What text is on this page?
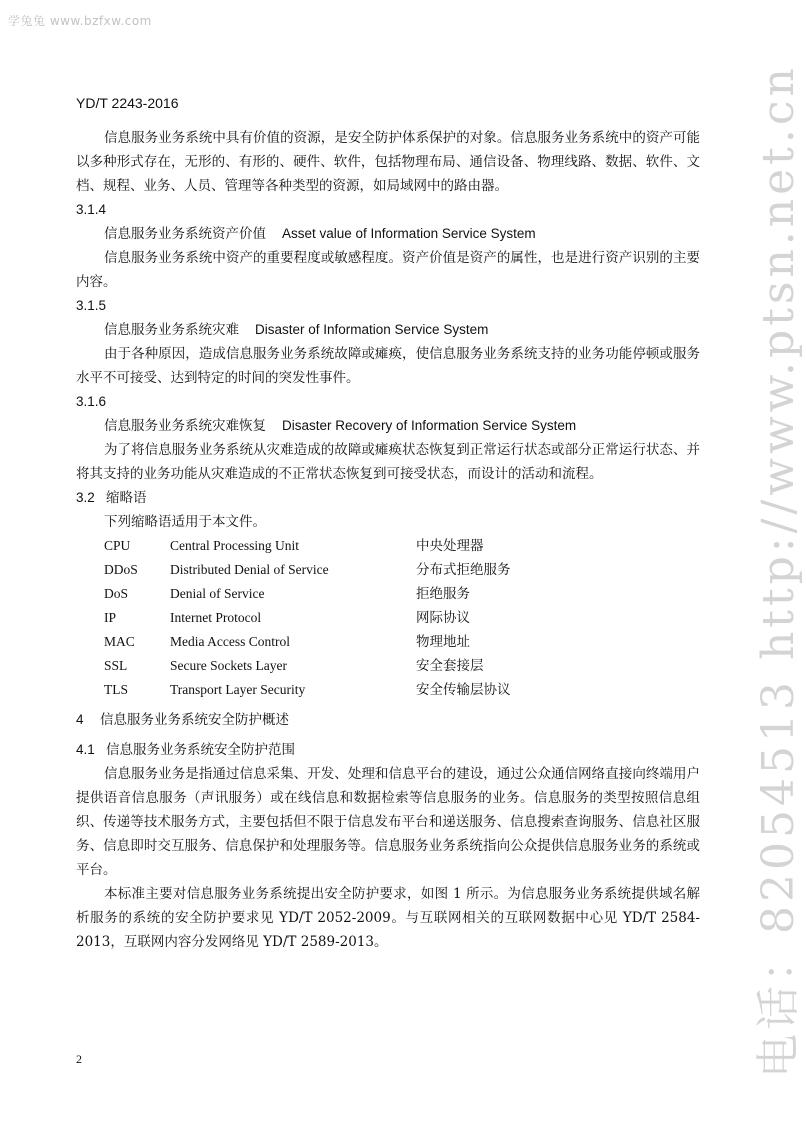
学兔兔 www.bzfxw.com
电话：82054513 http://www.ptsn.net.cn
YD/T 2243-2016

信息服务业务系统中具有价值的资源，是安全防护体系保护的对象。信息服务业务系统中的资产可能以多种形式存在，无形的、有形的、硬件、软件，包括物理布局、通信设备、物理线路、数据、软件、文档、规程、业务、人员、管理等各种类型的资源，如局域网中的路由器。

3.1.4

信息服务业务系统资产价值 Asset value of Information Service System

信息服务业务系统中资产的重要程度或敏感程度。资产价值是资产的属性，也是进行资产识别的主要内容。

3.1.5

信息服务业务系统灾难 Disaster of Information Service System

由于各种原因，造成信息服务业务系统故障或瘫痪，使信息服务业务系统支持的业务功能停顿或服务水平不可接受、达到特定的时间的突发性事件。

3.1.6

信息服务业务系统灾难恢复 Disaster Recovery of Information Service System

为了将信息服务业务系统从灾难造成的故障或瘫痪状态恢复到正常运行状态或部分正常运行状态、并将其支持的业务功能从灾难造成的不正常状态恢复到可接受状态，而设计的活动和流程。

3.2 缩略语

下列缩略语适用于本文件。

CPU	Central Processing Unit	中央处理器
DDoS	Distributed Denial of Service	分布式拒绝服务
DoS	Denial of Service	拒绝服务
IP	Internet Protocol	网际协议
MAC	Media Access Control	物理地址
SSL	Secure Sockets Layer	安全套接层
TLS	Transport Layer Security	安全传输层协议

4 信息服务业务系统安全防护概述

4.1 信息服务业务系统安全防护范围

信息服务业务是指通过信息采集、开发、处理和信息平台的建设，通过公众通信网络直接向终端用户提供语音信息服务（声讯服务）或在线信息和数据检索等信息服务的业务。信息服务的类型按照信息组织、传递等技术服务方式，主要包括但不限于信息发布平台和递送服务、信息搜索查询服务、信息社区服务、信息即时交互服务、信息保护和处理服务等。信息服务业务系统指向公众提供信息服务业务的系统或平台。

本标准主要对信息服务业务系统提出安全防护要求，如图 1 所示。为信息服务业务系统提供域名解析服务的系统的安全防护要求见 YD/T 2052-2009。与互联网相关的互联网数据中心见 YD/T 2584-2013，互联网内容分发网络见 YD/T 2589-2013。

2
